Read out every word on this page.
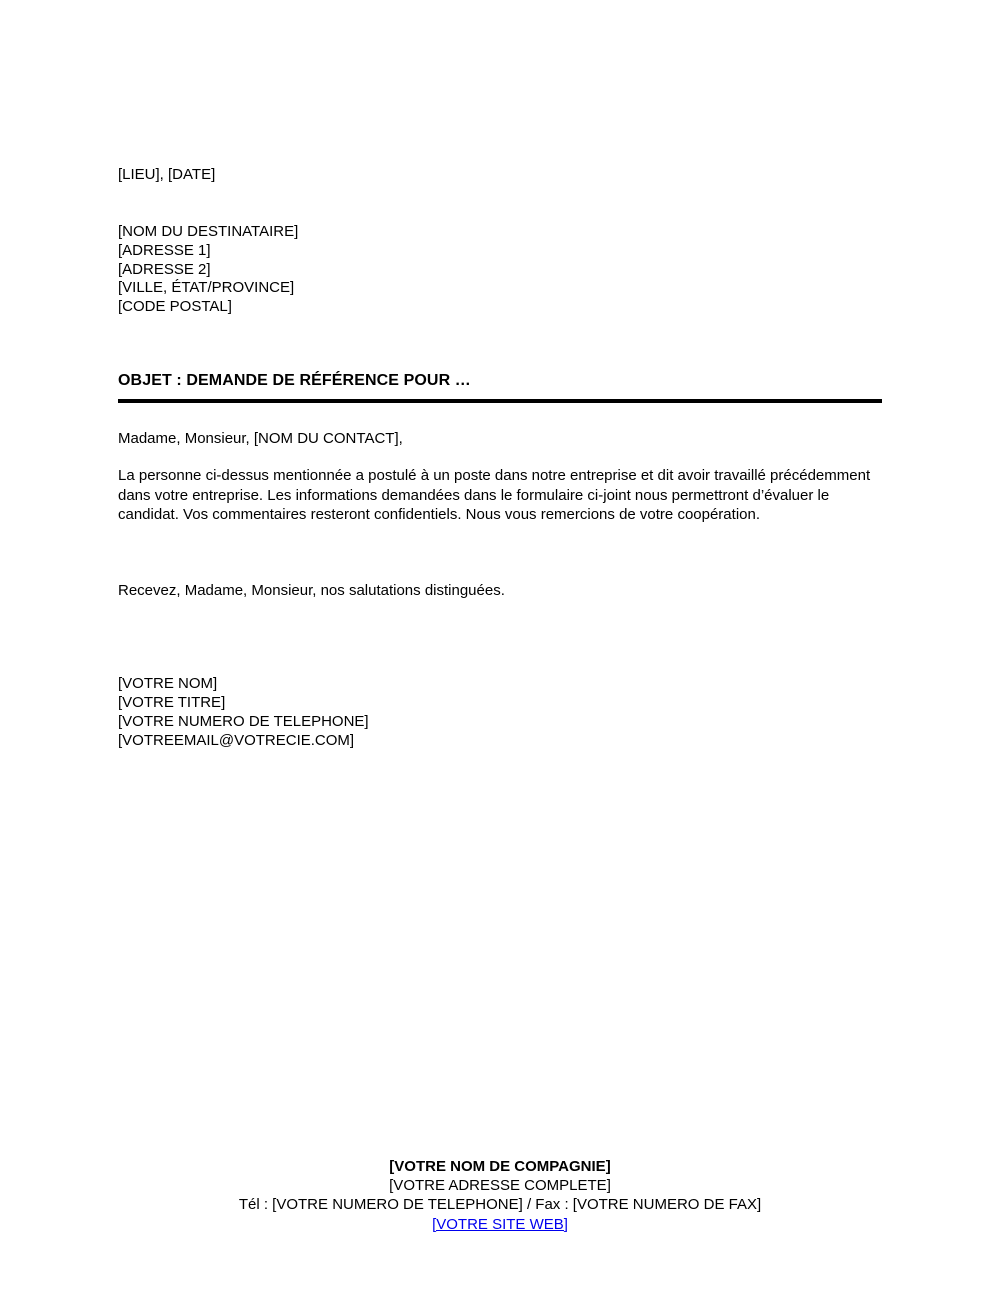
[LIEU], [DATE]
[NOM DU DESTINATAIRE]
[ADRESSE 1]
[ADRESSE 2]
[VILLE, ÉTAT/PROVINCE]
[CODE POSTAL]
OBJET : DEMANDE DE RÉFÉRENCE POUR …
Madame, Monsieur, [NOM DU CONTACT],
La personne ci-dessus mentionnée a postulé à un poste dans notre entreprise et dit avoir travaillé précédemment dans votre entreprise. Les informations demandées dans le formulaire ci-joint nous permettront d’évaluer le candidat. Vos commentaires resteront confidentiels. Nous vous remercions de votre coopération.
Recevez, Madame, Monsieur, nos salutations distinguées.
[VOTRE NOM]
[VOTRE TITRE]
[VOTRE NUMERO DE TELEPHONE]
[VOTREEMAIL@VOTRECIE.COM]
[VOTRE NOM DE COMPAGNIE]
[VOTRE ADRESSE COMPLETE]
Tél : [VOTRE NUMERO DE TELEPHONE] / Fax : [VOTRE NUMERO DE FAX]
[VOTRE SITE WEB]
